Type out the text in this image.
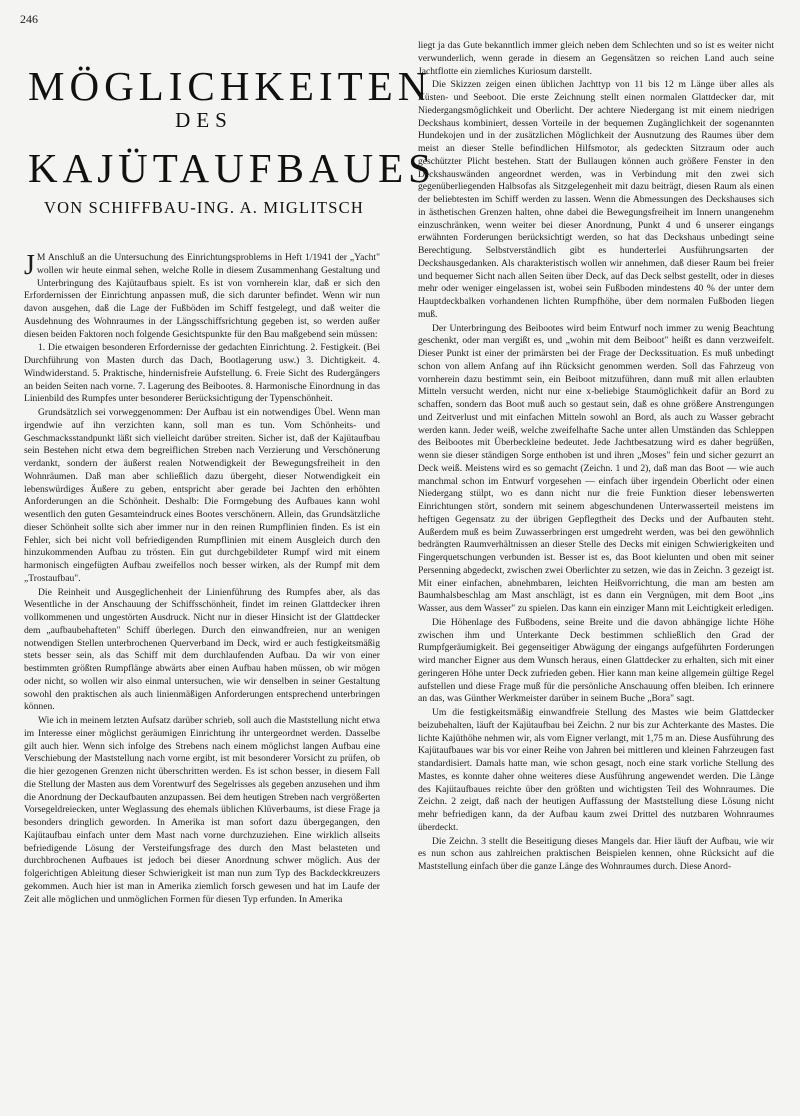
246
MÖGLICHKEITEN
DES
KAJÜTAUFBAUES
VON SCHIFFBAU-ING. A. MIGLITSCH

J M Anschluß an die Untersuchung des Einrichtungsproblems in Heft 1/1941 der „Yacht" wollen wir heute einmal sehen, welche Rolle in diesem Zusammenhang Gestaltung und Unterbringung des Kajütaufbaus spielt. Es ist von vornherein klar, daß er sich den Erfordernissen der Einrichtung anpassen muß, die sich darunter befindet. Wenn wir nun davon ausgehen, daß die Lage der Fußböden im Schiff festgelegt, und daß weiter die Ausdehnung des Wohnraumes in der Längsschiffsrichtung gegeben ist, so werden außer diesen beiden Faktoren noch folgende Gesichtspunkte für den Bau maßgebend sein müssen:

1. Die etwaigen besonderen Erfordernisse der gedachten Einrichtung. 2. Festigkeit. (Bei Durchführung von Masten durch das Dach, Bootlagerung usw.) 3. Dichtigkeit. 4. Windwiderstand. 5. Praktische, hindernisfreie Aufstellung. 6. Freie Sicht des Rudergängers an beiden Seiten nach vorne. 7. Lagerung des Beibootes. 8. Harmonische Einordnung in das Linienbild des Rumpfes unter besonderer Berücksichtigung der Typenschönheit.

Grundsätzlich sei vorweggenommen: Der Aufbau ist ein notwendiges Übel. Wenn man irgendwie auf ihn verzichten kann, soll man es tun. Vom Schönheits- und Geschmacksstandpunkt läßt sich vielleicht darüber streiten. Sicher ist, daß der Kajütaufbau sein Bestehen nicht etwa dem begreiflichen Streben nach Verzierung und Verschönerung verdankt, sondern der äußerst realen Notwendigkeit der Bewegungsfreiheit in den Wohnräumen. Daß man aber schließlich dazu übergeht, dieser Notwendigkeit ein lebenswürdiges Äußere zu geben, entspricht aber gerade bei Jachten den erhöhten Anforderungen an die Schönheit. Deshalb: Die Formgebung des Aufbaues kann wohl wesentlich den guten Gesamteindruck eines Bootes verschönern. Allein, das Grundsätzliche dieser Schönheit sollte sich aber immer nur in den reinen Rumpflinien finden. Es ist ein Fehler, sich bei nicht voll befriedigenden Rumpflinien mit einem Ausgleich durch den hinzukommenden Aufbau zu trösten. Ein gut durchgebildeter Rumpf wird mit einem harmonisch eingefügten Aufbau zweifellos noch besser wirken, als der Rumpf mit dem „Trostaufbau".

Die Reinheit und Ausgeglichenheit der Linienführung des Rumpfes aber, als das Wesentliche in der Anschauung der Schiffsschönheit, findet im reinen Glattdecker ihren vollkommenen und ungestörten Ausdruck. Nicht nur in dieser Hinsicht ist der Glattdecker dem „aufbaubehafteten" Schiff überlegen. Durch den einwandfreien, nur an wenigen notwendigen Stellen unterbrochenen Querverband im Deck, wird er auch festigkeitsmäßig stets besser sein, als das Schiff mit dem durchlaufenden Aufbau. Da wir von einer bestimmten größten Rumpflänge abwärts aber einen Aufbau haben müssen, ob wir mögen oder nicht, so wollen wir also einmal untersuchen, wie wir denselben in seiner Gestaltung sowohl den praktischen als auch linienmäßigen Anforderungen entsprechend unterbringen können.

Wie ich in meinem letzten Aufsatz darüber schrieb, soll auch die Maststellung nicht etwa im Interesse einer möglichst geräumigen Einrichtung ihr untergeordnet werden. Dasselbe gilt auch hier. Wenn sich infolge des Strebens nach einem möglichst langen Aufbau eine Verschiebung der Maststellung nach vorne ergibt, ist mit besonderer Vorsicht zu prüfen, ob die hier gezogenen Grenzen nicht überschritten werden. Es ist schon besser, in diesem Fall die Stellung der Masten aus dem Vorentwurf des Segelrisses als gegeben anzusehen und ihm die Anordnung der Deckaufbauten anzupassen. Bei dem heutigen Streben nach vergrößerten Vorsegeldreiecken, unter Weglassung des ehemals üblichen Klüverbaums, ist diese Frage ja besonders dringlich geworden. In Amerika ist man sofort dazu übergegangen, den Kajütaufbau einfach unter dem Mast nach vorne durchzuziehen. Eine wirklich allseits befriedigende Lösung der Versteifungsfrage des durch den Mast belasteten und durchbrochenen Aufbaues ist jedoch bei dieser Anordnung schwer möglich. Aus der folgerichtigen Ableitung dieser Schwierigkeit ist man nun zum Typ des Backdeckkreuzers gekommen. Auch hier ist man in Amerika ziemlich forsch gewesen und hat im Laufe der Zeit alle möglichen und unmöglichen Formen für diesen Typ erfunden. In Amerika

liegt ja das Gute bekanntlich immer gleich neben dem Schlechten und so ist es weiter nicht verwunderlich, wenn gerade in diesem an Gegensätzen so reichen Land auch seine Jachtflotte ein ziemliches Kuriosum darstellt.

Die Skizzen zeigen einen üblichen Jachttyp von 11 bis 12 m Länge über alles als Küsten- und Seeboot. Die erste Zeichnung stellt einen normalen Glattdecker dar, mit Niedergangsmöglichkeit und Oberlicht. Der achtere Niedergang ist mit einem niedrigen Deckshaus kombiniert, dessen Vorteile in der bequemen Zugänglichkeit der sogenannten Hundekojen und in der zusätzlichen Möglichkeit der Ausnutzung des Raumes über dem meist an dieser Stelle befindlichen Hilfsmotor, als gedeckten Sitzraum oder auch geschützter Plicht bestehen. Statt der Bullaugen können auch größere Fenster in den Deckshauswänden angeordnet werden, was in Verbindung mit den zwei sich gegenüberliegenden Halbsofas als Sitzgelegenheit mit dazu beiträgt, diesen Raum als einen der beliebtesten im Schiff werden zu lassen. Wenn die Abmessungen des Deckshauses sich in ästhetischen Grenzen halten, ohne dabei die Bewegungsfreiheit im Innern unangenehm einzuschränken, wenn weiter bei dieser Anordnung, Punkt 4 und 6 unserer eingangs erwähnten Forderungen berücksichtigt werden, so hat das Deckshaus unbedingt seine Berechtigung. Selbstverständlich gibt es hunderterlei Ausführungsarten der Deckshausgedanken. Als charakteristisch wollen wir annehmen, daß dieser Raum bei freier und bequemer Sicht nach allen Seiten über Deck, auf das Deck selbst gestellt, oder in dieses mehr oder weniger eingelassen ist, wobei sein Fußboden mindestens 40 % der unter dem Hauptdeckbalken vorhandenen lichten Rumpfhöhe, über dem normalen Fußboden liegen muß.

Der Unterbringung des Beibootes wird beim Entwurf noch immer zu wenig Beachtung geschenkt, oder man vergißt es, und „wohin mit dem Beiboot" heißt es dann verzweifelt. Dieser Punkt ist einer der primärsten bei der Frage der Deckssituation. Es muß unbedingt schon von allem Anfang auf ihn Rücksicht genommen werden. Soll das Fahrzeug von vornherein dazu bestimmt sein, ein Beiboot mitzuführen, dann muß mit allen erlaubten Mitteln versucht werden, nicht nur eine x-beliebige Staumöglichkeit dafür an Bord zu schaffen, sondern das Boot muß auch so gestaut sein, daß es ohne größere Anstrengungen und Zeitverlust und mit einfachen Mitteln sowohl an Bord, als auch zu Wasser gebracht werden kann. Jeder weiß, welche zweifelhafte Sache unter allen Umständen das Schleppen des Beibootes mit Überbeckleine bedeutet. Jede Jachtbesatzung wird es daher begrüßen, wenn sie dieser ständigen Sorge enthoben ist und ihren „Moses" fein und sicher gezurrt an Deck weiß. Meistens wird es so gemacht (Zeichn. 1 und 2), daß man das Boot — wie auch manchmal schon im Entwurf vorgesehen — einfach über irgendein Oberlicht oder einen Niedergang stülpt, wo es dann nicht nur die freie Funktion dieser lebenswerten Einrichtungen stört, sondern mit seinem abgeschundenen Unterwasserteil meistens im heftigen Gegensatz zu der übrigen Gepflegtheit des Decks und der Aufbauten steht. Außerdem muß es beim Zuwasserbringen erst umgedreht werden, was bei den gewöhnlich bedrängten Raumverhältnissen an dieser Stelle des Decks mit einigen Schwierigkeiten und Fingerquetschungen verbunden ist. Besser ist es, das Boot kielunten und oben mit seiner Persenning abgedeckt, zwischen zwei Oberlichter zu setzen, wie das in Zeichn. 3 gezeigt ist. Mit einer einfachen, abnehmbaren, leichten Heißvorrichtung, die man am besten am Baumhalsbeschlag am Mast anschlägt, ist es dann ein Vergnügen, mit dem Boot „ins Wasser, aus dem Wasser" zu spielen. Das kann ein einziger Mann mit Leichtigkeit erledigen.

Die Höhenlage des Fußbodens, seine Breite und die davon abhängige lichte Höhe zwischen ihm und Unterkante Deck bestimmen schließlich den Grad der Rumpfgeräumigkeit. Bei gegenseitiger Abwägung der eingangs aufgeführten Forderungen wird mancher Eigner aus dem Wunsch heraus, einen Glattdecker zu erhalten, sich mit einer geringeren Höhe unter Deck zufrieden geben. Hier kann man keine allgemein gültige Regel aufstellen und diese Frage muß für die persönliche Anschauung offen bleiben. Ich erinnere an das, was Günther Werkmeister darüber in seinem Buche „Bora" sagt.

Um die festigkeitsmäßig einwandfreie Stellung des Mastes wie beim Glattdecker beizubehalten, läuft der Kajütaufbau bei Zeichn. 2 nur bis zur Achterkante des Mastes. Die lichte Kajüthöhe nehmen wir, als vom Eigner verlangt, mit 1,75 m an. Diese Ausführung des Kajütaufbaues war bis vor einer Reihe von Jahren bei mittleren und kleinen Fahrzeugen fast standardisiert. Damals hatte man, wie schon gesagt, noch eine stark vorliche Stellung des Mastes, es konnte daher ohne weiteres diese Ausführung angewendet werden. Die Länge des Kajütaufbaues reichte über den größten und wichtigsten Teil des Wohnraumes. Die Zeichn. 2 zeigt, daß nach der heutigen Auffassung der Maststellung diese Lösung nicht mehr befriedigen kann, da der Aufbau kaum zwei Drittel des nutzbaren Wohnraumes überdeckt.

Die Zeichn. 3 stellt die Beseitigung dieses Mangels dar. Hier läuft der Aufbau, wie wir es nun schon aus zahlreichen praktischen Beispielen kennen, ohne Rücksicht auf die Maststellung einfach über die ganze Länge des Wohnraumes durch. Diese Anord-
